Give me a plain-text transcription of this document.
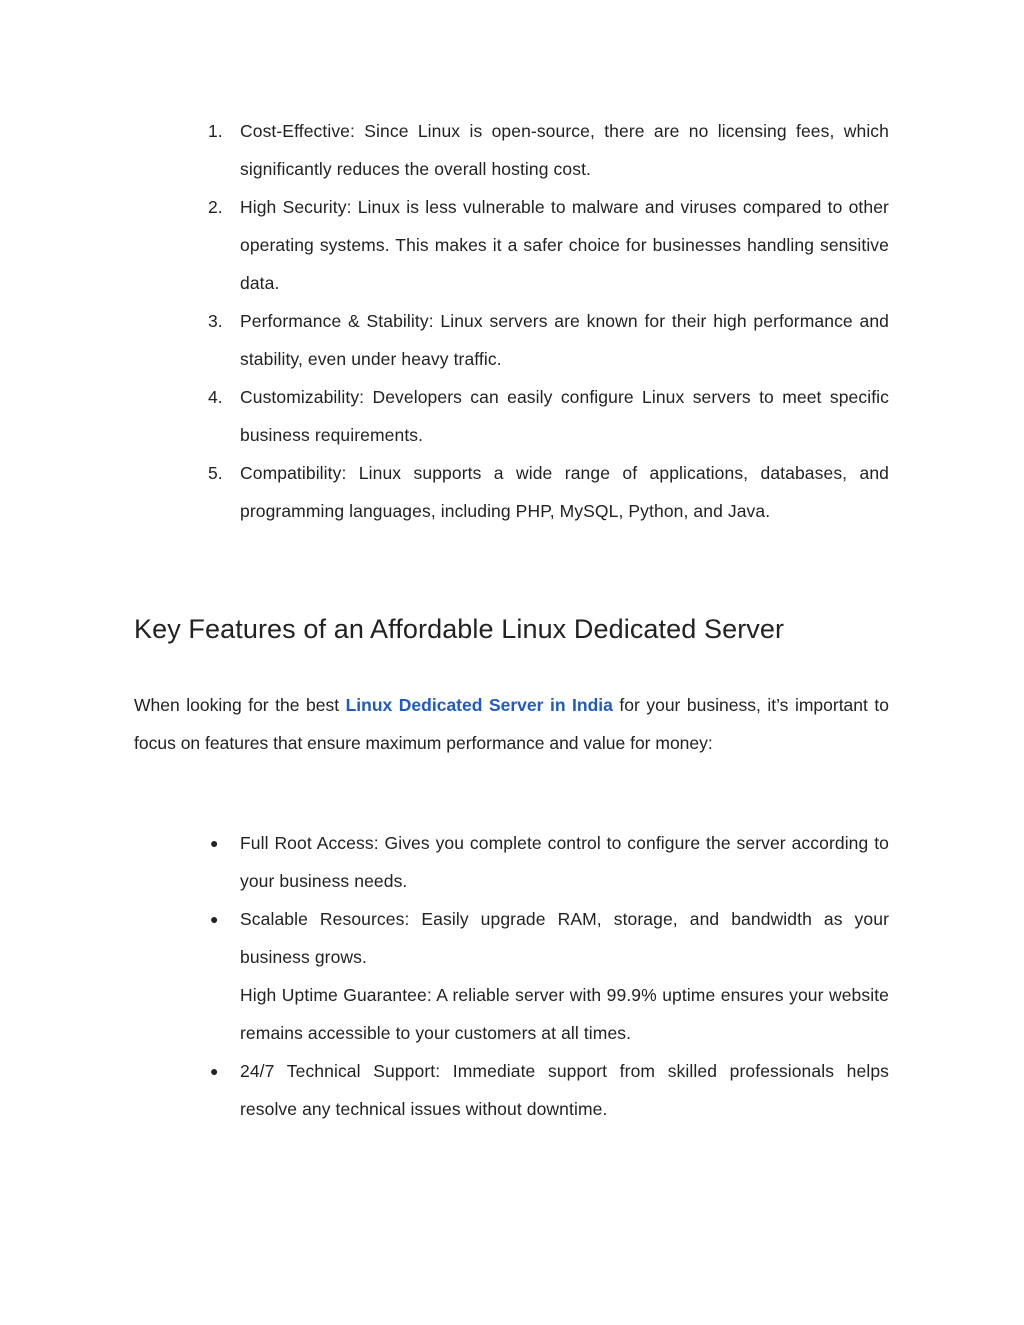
1. Cost-Effective: Since Linux is open-source, there are no licensing fees, which significantly reduces the overall hosting cost.
2. High Security: Linux is less vulnerable to malware and viruses compared to other operating systems. This makes it a safer choice for businesses handling sensitive data.
3. Performance & Stability: Linux servers are known for their high performance and stability, even under heavy traffic.
4. Customizability: Developers can easily configure Linux servers to meet specific business requirements.
5. Compatibility: Linux supports a wide range of applications, databases, and programming languages, including PHP, MySQL, Python, and Java.
Key Features of an Affordable Linux Dedicated Server

When looking for the best Linux Dedicated Server in India for your business, it’s important to focus on features that ensure maximum performance and value for money:

●	Full Root Access: Gives you complete control to configure the server according to your business needs.
●	Scalable Resources: Easily upgrade RAM, storage, and bandwidth as your business grows.
High Uptime Guarantee: A reliable server with 99.9% uptime ensures your website remains accessible to your customers at all times.
●	24/7 Technical Support: Immediate support from skilled professionals helps resolve any technical issues without downtime.
